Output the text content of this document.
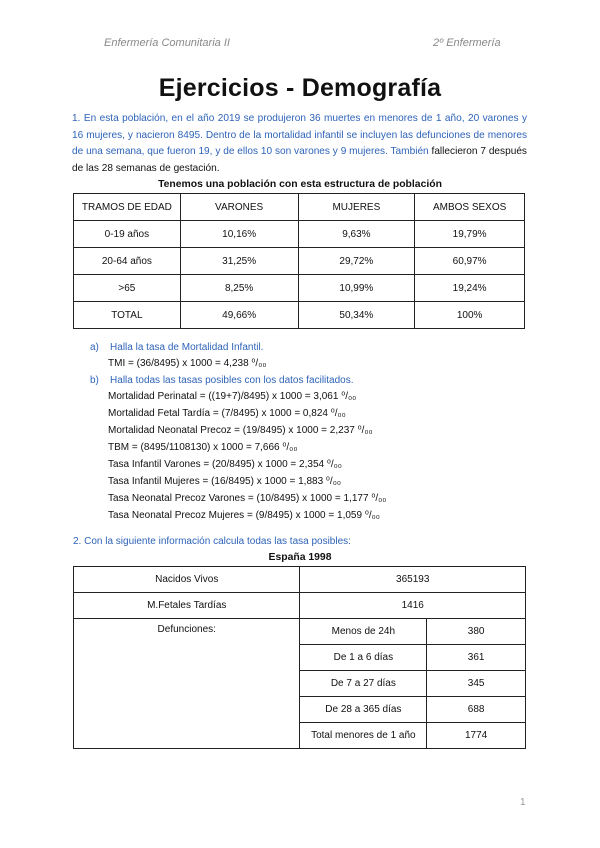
Enfermería Comunitaria II	2º Enfermería
Ejercicios - Demografía

1. En esta población, en el año 2019 se produjeron 36 muertes en menores de 1 año, 20 varones y 16 mujeres, y nacieron 8495. Dentro de la mortalidad infantil se incluyen las defunciones de menores de una semana, que fueron 19, y de ellos 10 son varones y 9 mujeres. También fallecieron 7 después de las 28 semanas de gestación.

Tenemos una población con esta estructura de población
TRAMOS DE EDAD	VARONES	MUJERES	AMBOS SEXOS
0-19 años	10,16%	9,63%	19,79%
20-64 años	31,25%	29,72%	60,97%
>65	8,25%	10,99%	19,24%
TOTAL	49,66%	50,34%	100%
a) Halla la tasa de Mortalidad Infantil.
TMI = (36/8495) x 1000 = 4,238 ⁰/₀₀
b) Halla todas las tasas posibles con los datos facilitados.
Mortalidad Perinatal = ((19+7)/8495) x 1000 = 3,061 ⁰/₀₀
Mortalidad Fetal Tardía = (7/8495) x 1000 = 0,824 ⁰/₀₀
Mortalidad Neonatal Precoz = (19/8495) x 1000 = 2,237 ⁰/₀₀
TBM = (8495/1108130) x 1000 = 7,666 ⁰/₀₀
Tasa Infantil Varones = (20/8495) x 1000 = 2,354 ⁰/₀₀
Tasa Infantil Mujeres = (16/8495) x 1000 = 1,883 ⁰/₀₀
Tasa Neonatal Precoz Varones = (10/8495) x 1000 = 1,177 ⁰/₀₀
Tasa Neonatal Precoz Mujeres = (9/8495) x 1000 = 1,059 ⁰/₀₀
2. Con la siguiente información calcula todas las tasa posibles:
España 1998
Nacidos Vivos	365193	
M.Fetales Tardías	1416	
Defunciones:	Menos de 24h	380
	De 1 a 6 días	361
	De 7 a 27 días	345
	De 28 a 365 días	688
	Total menores de 1 año	1774
1
